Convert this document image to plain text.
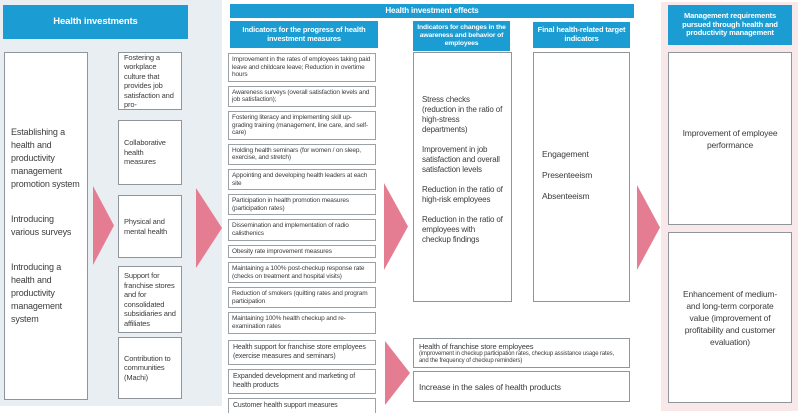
Health investments
Health investment effects
Indicators for the progress of health investment measures
Indicators for changes in the awareness and behavior of employees
Final health-related target indicators
Management requirements pursued through health and productivity management
Establishing a health and productivity management promotion system
Introducing various surveys
Introducing a health and productivity management system
Fostering a workplace culture that provides job satisfaction and pro-
Collaborative health measures
Physical and mental health
Support for franchise stores and for consolidated subsidiaries and affiliates
Contribution to communities (Machi)
Improvement in the rates of employees taking paid leave and childcare leave; Reduction in overtime hours
Awareness surveys (overall satisfaction levels and job satisfaction);
Fostering literacy and implementing skill up-grading training (management, line care, and self-care)
Holding health seminars (for women / on sleep, exercise, and stretch)
Appointing and developing health leaders at each site
Participation in health promotion measures (participation rates)
Dissemination and implementation of radio calisthenics
Obesity rate improvement measures
Maintaining a 100% post-checkup response rate (checks on treatment and hospital visits)
Reduction of smokers (quitting rates and program participation
Maintaining 100% health checkup and re-examination rates
Health support for franchise store employees (exercise measures and seminars)
Expanded development and marketing of health products
Customer health support measures

Stress checks (reduction in the ratio of high-stress departments)

Improvement in job satisfaction and overall satisfaction levels

Reduction in the ratio of high-risk employees

Reduction in the ratio of employees with checkup findings

Engagement

Presenteeism

Absenteeism

Health of franchise store employees
(improvement in checkup participation rates, checkup assistance usage rates, and the frequency of checkup reminders)
Increase in the sales of health products
Improvement of employee performance
Enhancement of medium- and long-term corporate value (improvement of profitability and customer evaluation)
